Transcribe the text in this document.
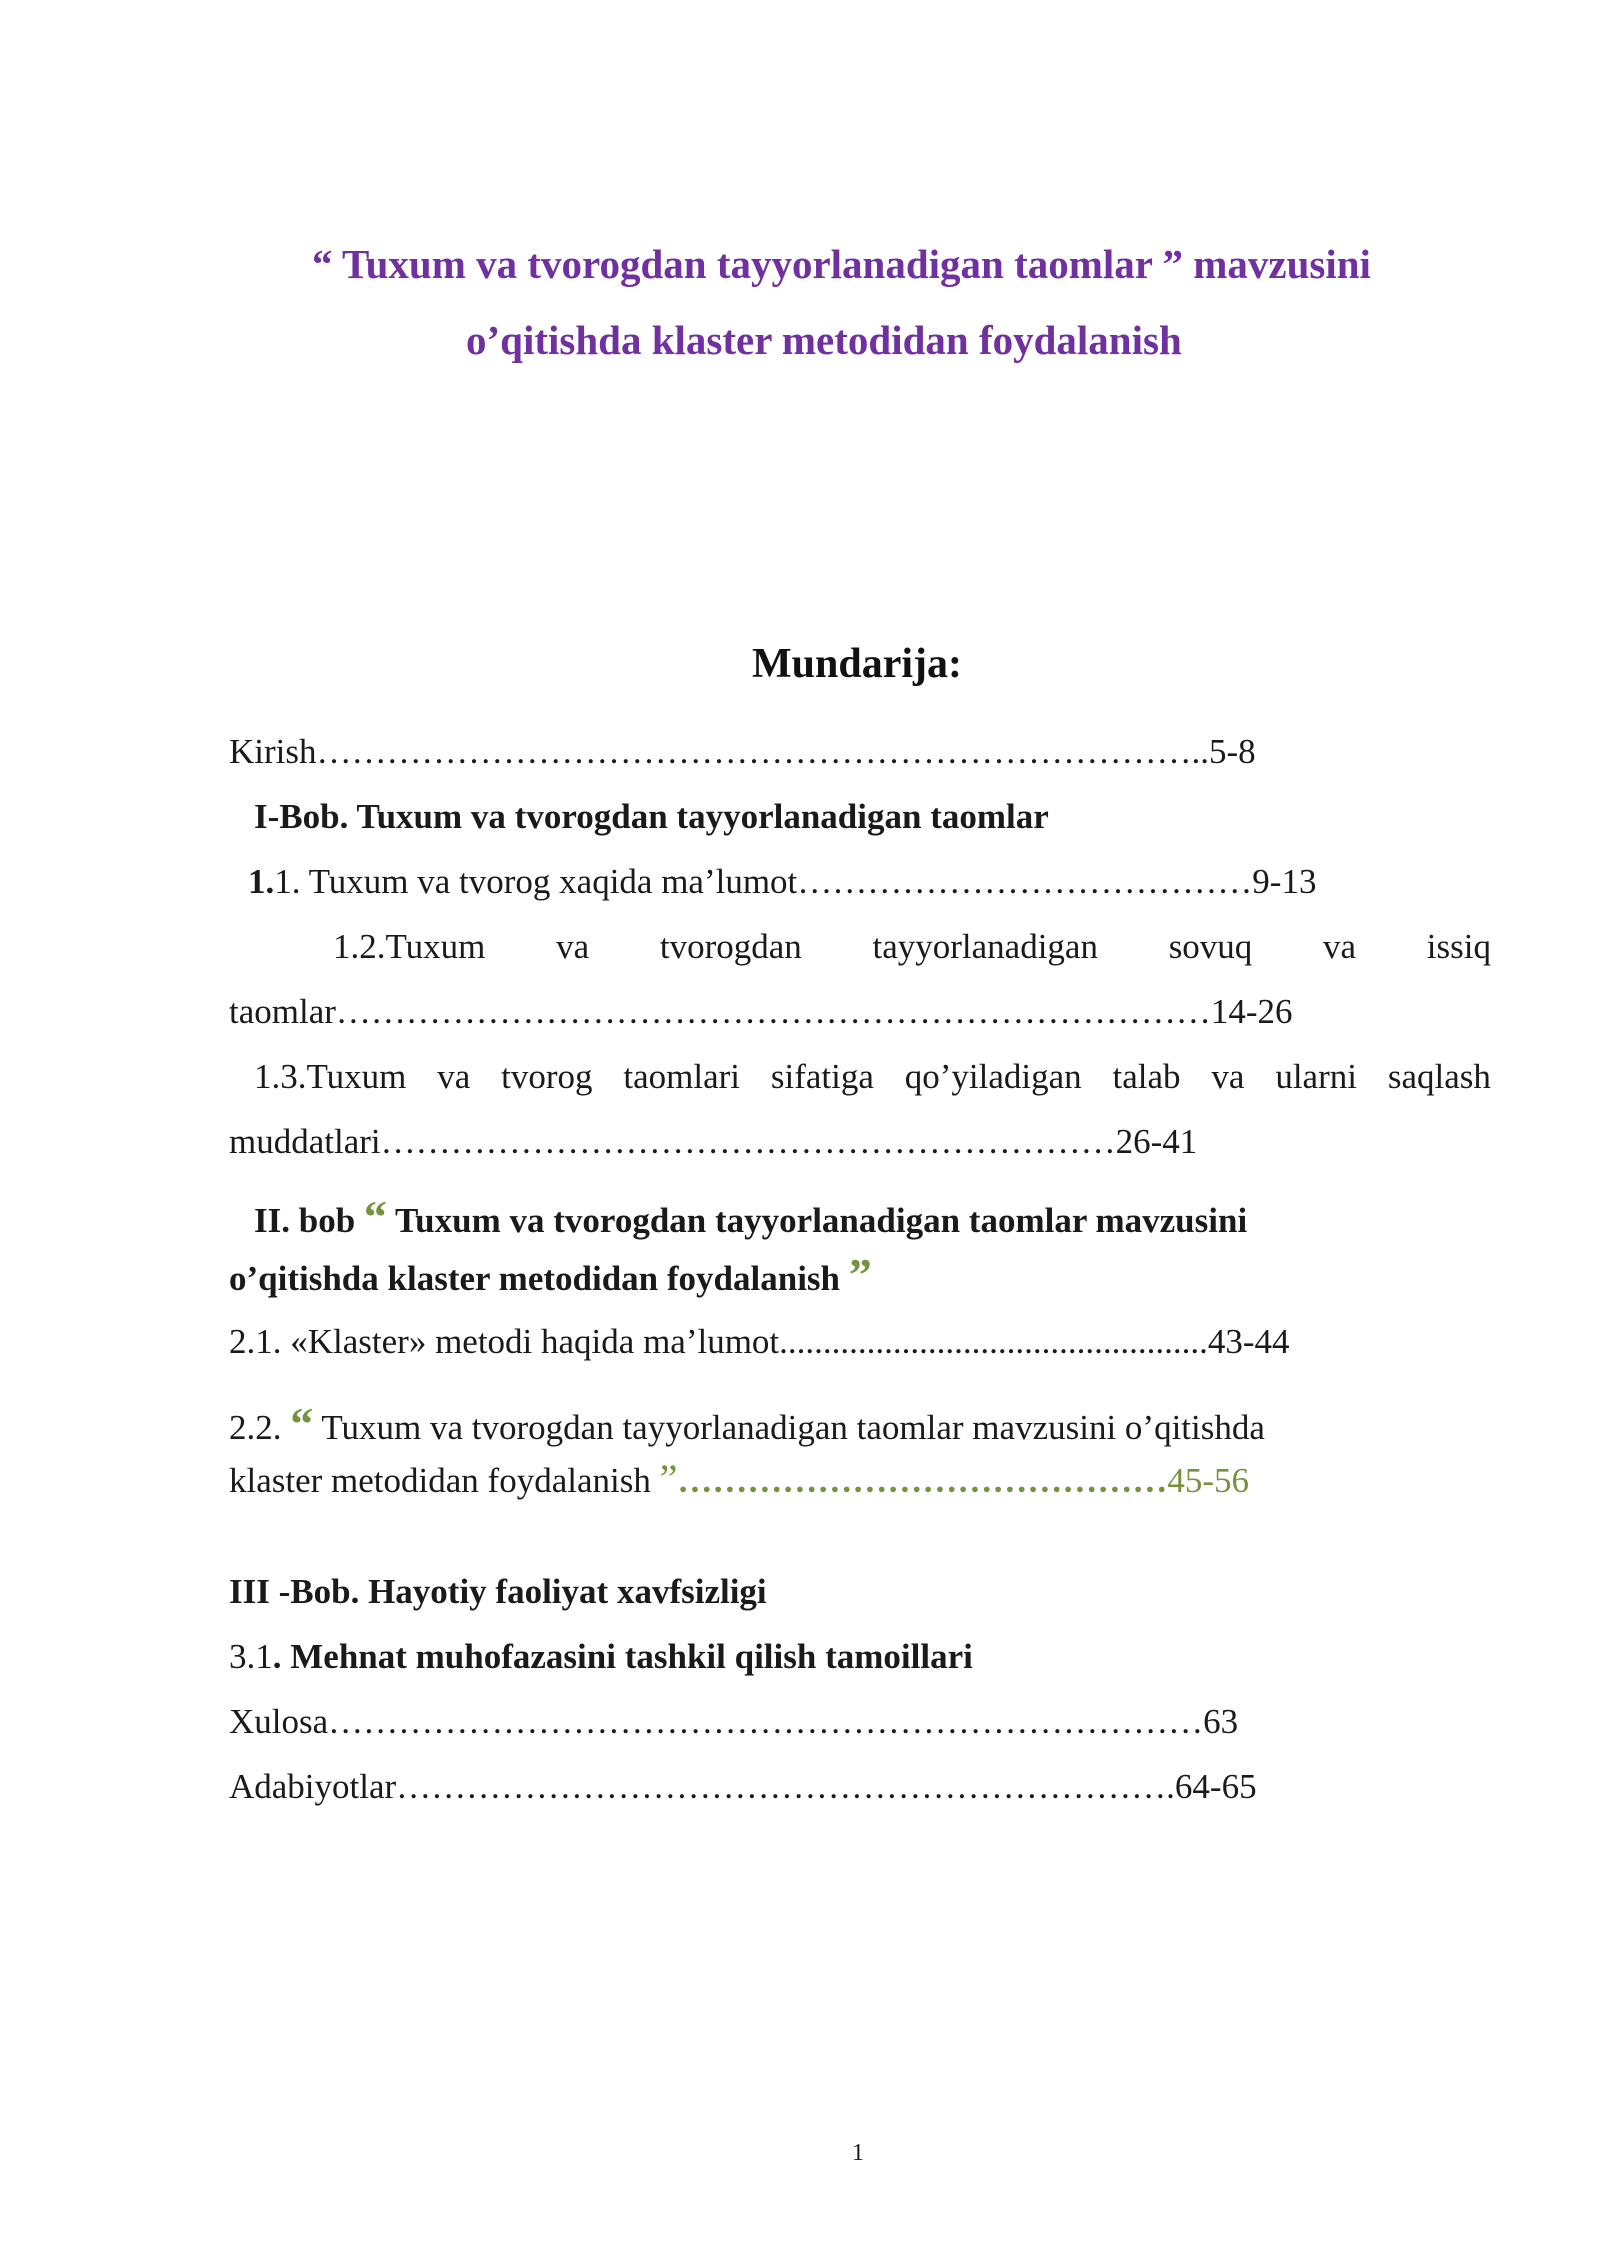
“ Tuxum va tvorogdan tayyorlanadigan taomlar ” mavzusini
o’qitishda klaster metodidan foydalanish
Mundarija:
Kirish…………………………………………………………………..5-8
I-Bob. Tuxum va tvorogdan tayyorlanadigan taomlar
1.1. Tuxum va tvorog xaqida ma’lumot…………………………………9-13
1.2.Tuxum va tvorogdan tayyorlanadigan sovuq va issiq
taomlar…………………………………………………………………14-26
1.3.Tuxum va tvorog taomlari sifatiga qo’yiladigan talab va ularni saqlash
muddatlari………………………………………………………26-41
II. bob “ Tuxum va tvorogdan tayyorlanadigan taomlar mavzusini
o’qitishda klaster metodidan foydalanish ”
2.1. «Klaster» metodi haqida ma’lumot.................................................43-44
2.2. “ Tuxum va tvorogdan tayyorlanadigan taomlar mavzusini o’qitishda
klaster metodidan foydalanish ”……………………………………45-56
III -Bob. Hayotiy faoliyat xavfsizligi
3.1. Mehnat muhofazasini tashkil qilish tamoillari
Xulosa…………………………………………………………………63
Adabiyotlar………………………………………………………….64-65
1
